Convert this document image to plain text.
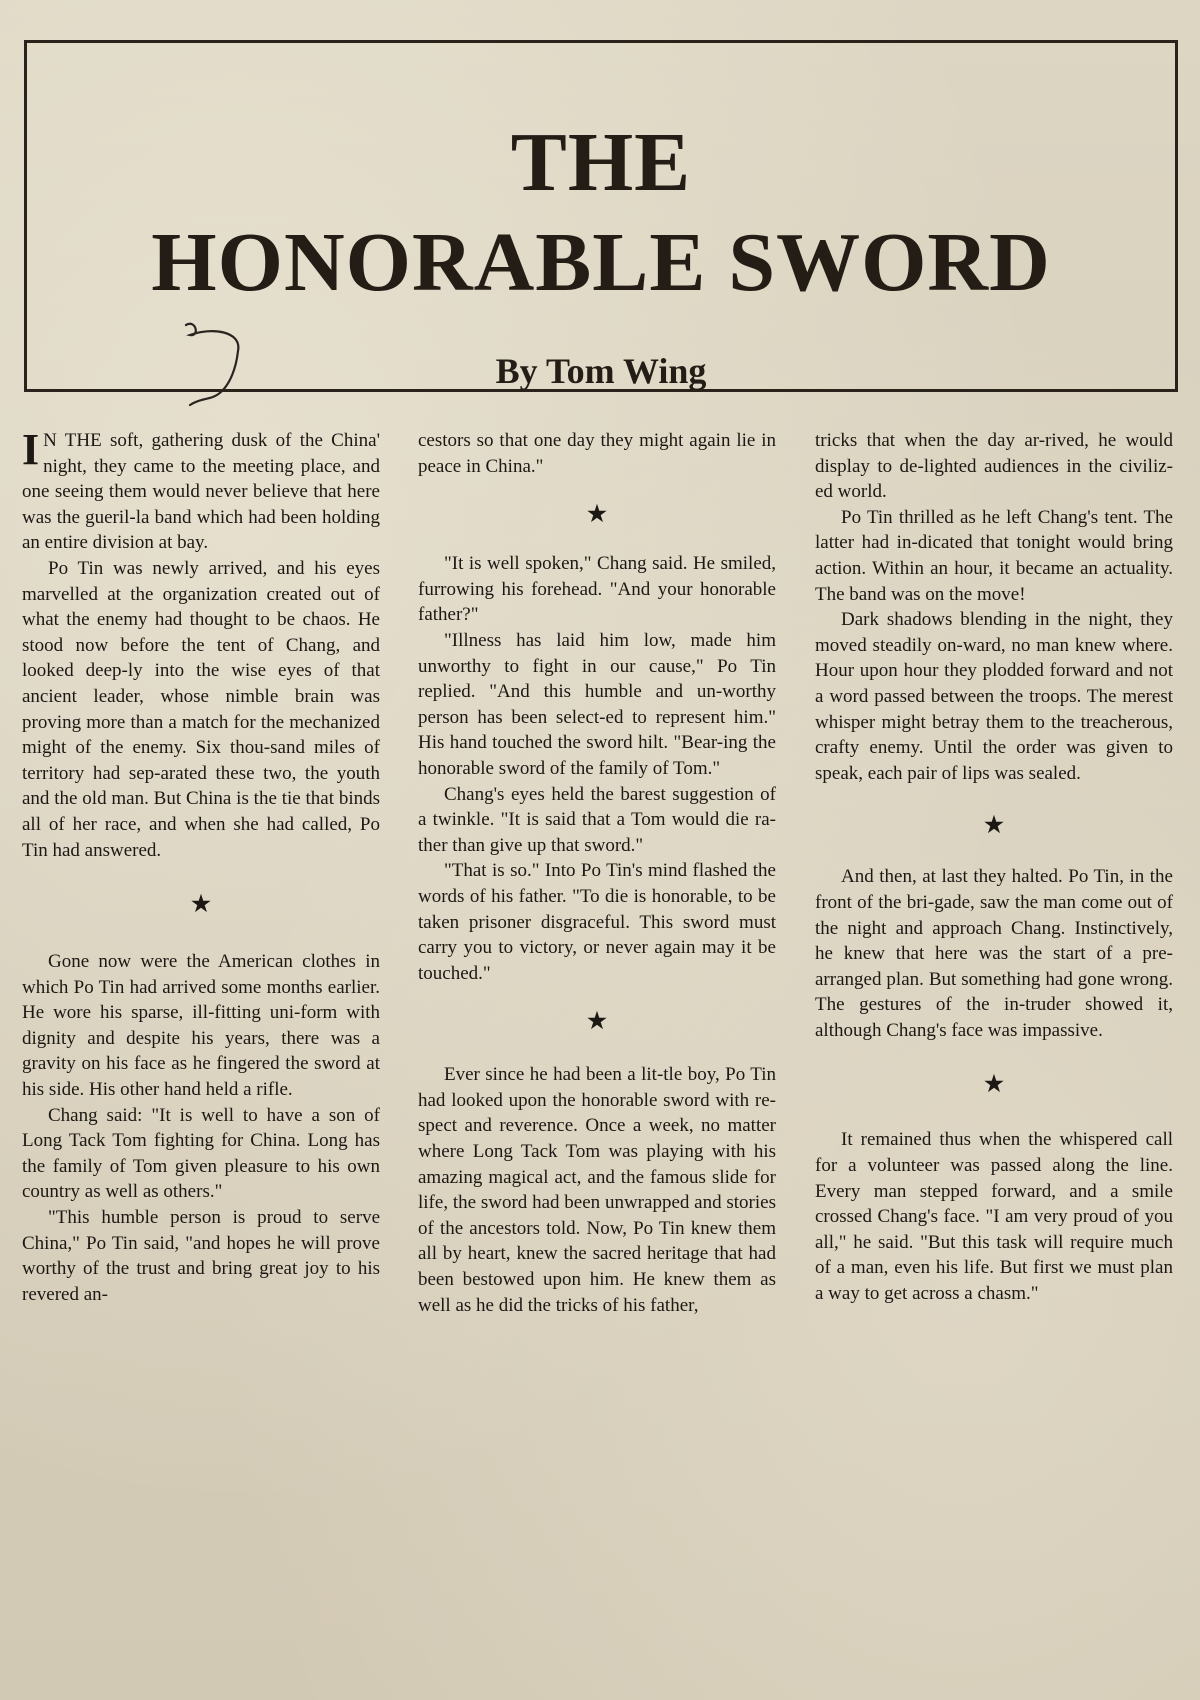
THE
HONORABLE SWORD
By Tom Wing

I N THE soft, gathering dusk of the China' night, they came to the meeting place, and one seeing them would never believe that here was the gueril-la band which had been holding an entire division at bay.

Po Tin was newly arrived, and his eyes marvelled at the organization created out of what the enemy had thought to be chaos. He stood now before the tent of Chang, and looked deep-ly into the wise eyes of that ancient leader, whose nimble brain was proving more than a match for the mechanized might of the enemy. Six thou-sand miles of territory had sep-arated these two, the youth and the old man. But China is the tie that binds all of her race, and when she had called, Po Tin had answered.

★

Gone now were the American clothes in which Po Tin had arrived some months earlier. He wore his sparse, ill-fitting uni-form with dignity and despite his years, there was a gravity on his face as he fingered the sword at his side. His other hand held a rifle.

Chang said: "It is well to have a son of Long Tack Tom fighting for China. Long has the family of Tom given pleasure to his own country as well as others."

"This humble person is proud to serve China," Po Tin said, "and hopes he will prove worthy of the trust and bring great joy to his revered an-

cestors so that one day they might again lie in peace in China."

★

"It is well spoken," Chang said. He smiled, furrowing his forehead. "And your honorable father?"

"Illness has laid him low, made him unworthy to fight in our cause," Po Tin replied. "And this humble and un-worthy person has been select-ed to represent him." His hand touched the sword hilt. "Bear-ing the honorable sword of the family of Tom."

Chang's eyes held the barest suggestion of a twinkle. "It is said that a Tom would die ra-ther than give up that sword."

"That is so." Into Po Tin's mind flashed the words of his father. "To die is honorable, to be taken prisoner disgraceful. This sword must carry you to victory, or never again may it be touched."

★

Ever since he had been a lit-tle boy, Po Tin had looked upon the honorable sword with re-spect and reverence. Once a week, no matter where Long Tack Tom was playing with his amazing magical act, and the famous slide for life, the sword had been unwrapped and stories of the ancestors told. Now, Po Tin knew them all by heart, knew the sacred heritage that had been bestowed upon him. He knew them as well as he did the tricks of his father,

tricks that when the day ar-rived, he would display to de-lighted audiences in the civiliz-ed world.

Po Tin thrilled as he left Chang's tent. The latter had in-dicated that tonight would bring action. Within an hour, it became an actuality. The band was on the move!

Dark shadows blending in the night, they moved steadily on-ward, no man knew where. Hour upon hour they plodded forward and not a word passed between the troops. The merest whisper might betray them to the treacherous, crafty enemy. Until the order was given to speak, each pair of lips was sealed.

★

And then, at last they halted. Po Tin, in the front of the bri-gade, saw the man come out of the night and approach Chang. Instinctively, he knew that here was the start of a pre-arranged plan. But something had gone wrong. The gestures of the in-truder showed it, although Chang's face was impassive.

★

It remained thus when the whispered call for a volunteer was passed along the line. Every man stepped forward, and a smile crossed Chang's face. "I am very proud of you all," he said. "But this task will require much of a man, even his life. But first we must plan a way to get across a chasm."
